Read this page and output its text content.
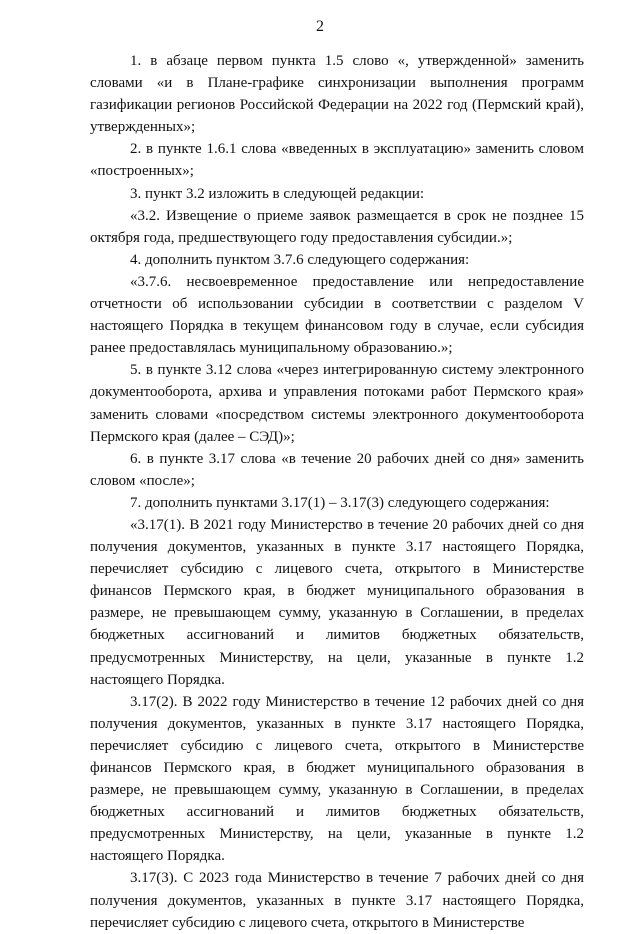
2

1. в абзаце первом пункта 1.5 слово «, утвержденной» заменить словами «и в Плане-графике синхронизации выполнения программ газификации регионов Российской Федерации на 2022 год (Пермский край), утвержденных»;

2. в пункте 1.6.1 слова «введенных в эксплуатацию» заменить словом «построенных»;

3. пункт 3.2 изложить в следующей редакции:

«3.2. Извещение о приеме заявок размещается в срок не позднее 15 октября года, предшествующего году предоставления субсидии.»;

4. дополнить пунктом 3.7.6 следующего содержания:

«3.7.6. несвоевременное предоставление или непредоставление отчетности об использовании субсидии в соответствии с разделом V настоящего Порядка в текущем финансовом году в случае, если субсидия ранее предоставлялась муниципальному образованию.»;

5. в пункте 3.12 слова «через интегрированную систему электронного документооборота, архива и управления потоками работ Пермского края» заменить словами «посредством системы электронного документооборота Пермского края (далее – СЭД)»;

6. в пункте 3.17 слова «в течение 20 рабочих дней со дня» заменить словом «после»;

7. дополнить пунктами 3.17(1) – 3.17(3) следующего содержания:

«3.17(1). В 2021 году Министерство в течение 20 рабочих дней со дня получения документов, указанных в пункте 3.17 настоящего Порядка, перечисляет субсидию с лицевого счета, открытого в Министерстве финансов Пермского края, в бюджет муниципального образования в размере, не превышающем сумму, указанную в Соглашении, в пределах бюджетных ассигнований и лимитов бюджетных обязательств, предусмотренных Министерству, на цели, указанные в пункте 1.2 настоящего Порядка.

3.17(2). В 2022 году Министерство в течение 12 рабочих дней со дня получения документов, указанных в пункте 3.17 настоящего Порядка, перечисляет субсидию с лицевого счета, открытого в Министерстве финансов Пермского края, в бюджет муниципального образования в размере, не превышающем сумму, указанную в Соглашении, в пределах бюджетных ассигнований и лимитов бюджетных обязательств, предусмотренных Министерству, на цели, указанные в пункте 1.2 настоящего Порядка.

3.17(3). С 2023 года Министерство в течение 7 рабочих дней со дня получения документов, указанных в пункте 3.17 настоящего Порядка, перечисляет субсидию с лицевого счета, открытого в Министерстве
